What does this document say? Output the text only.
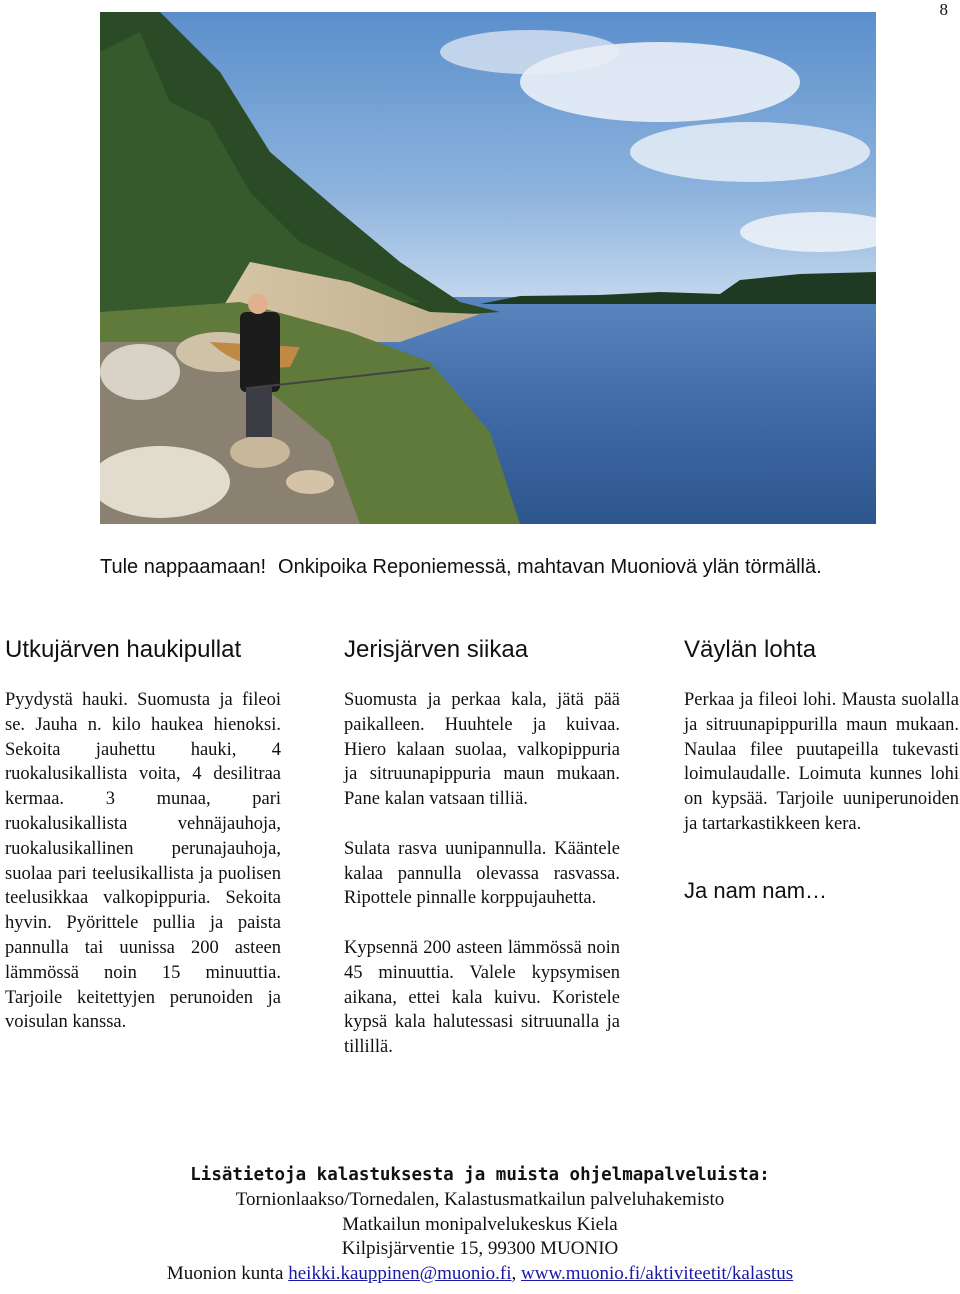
8
Tule nappaamaan! Onkipoika Reponiemessä, mahtavan Muoniovä ylän törmällä.
Utkujärven haukipullat

Pyydystä hauki. Suomusta ja fileoi se. Jauha n. kilo haukea hienoksi. Sekoita jauhettu hauki, 4 ruokalusikallista voita, 4 desilitraa kermaa. 3 munaa, pari ruokalusikallista vehnäjauhoja, ruokalusikallinen perunajauhoja, suolaa pari teelusikallista ja puolisen teelusikkaa valkopippuria. Sekoita hyvin. Pyörittele pullia ja paista pannulla tai uunissa 200 asteen lämmössä noin 15 minuuttia. Tarjoile keitettyjen perunoiden ja voisulan kanssa.

Jerisjärven siikaa

Suomusta ja perkaa kala, jätä pää paikalleen. Huuhtele ja kuivaa. Hiero kalaan suolaa, valkopippuria ja sitruunapippuria maun mukaan. Pane kalan vatsaan tilliä.

Sulata rasva uunipannulla. Kääntele kalaa pannulla olevassa rasvassa. Ripottele pinnalle korppujauhetta.

Kypsennä 200 asteen lämmössä noin 45 minuuttia. Valele kypsymisen aikana, ettei kala kuivu. Koristele kypsä kala halutessasi sitruunalla ja tillillä.

Väylän lohta

Perkaa ja fileoi lohi. Mausta suolalla ja sitruunapippurilla maun mukaan. Naulaa filee puutapeilla tukevasti loimulaudalle. Loimuta kunnes lohi on kypsää. Tarjoile uuniperunoiden ja tartarkastikkeen kera.

Ja nam nam…

Lisätietoja kalastuksesta ja muista ohjelmapalveluista:
Tornionlaakso/Tornedalen, Kalastusmatkailun palveluhakemisto
Matkailun monipalvelukeskus Kiela
Kilpisjärventie 15, 99300 MUONIO
Muonion kunta heikki.kauppinen@muonio.fi, www.muonio.fi/aktiviteetit/kalastus
